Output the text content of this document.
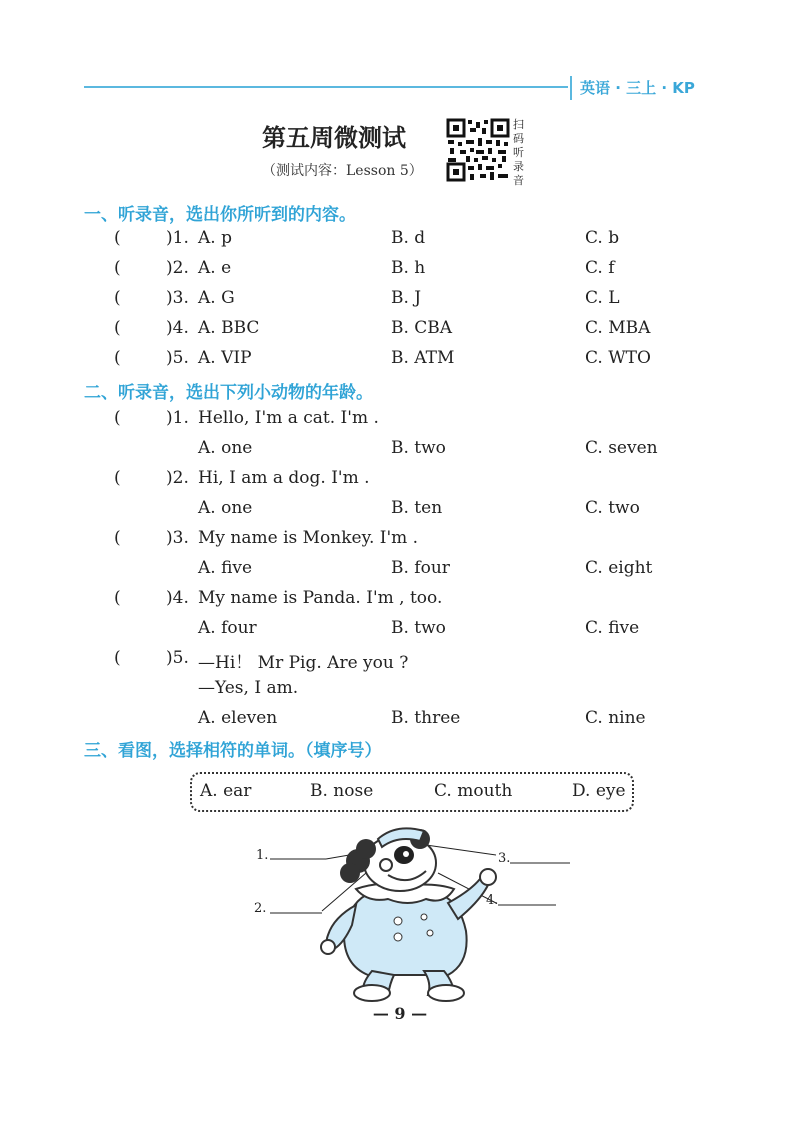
英语 · 三上 · KP
第五周微测试
（测试内容：Lesson 5）
扫
码
听
录
音
一、听录音，选出你所听到的内容。
(	)1. A. p	B. d	C. b
(	)2. A. e	B. h	C. f
(	)3. A. G	B. J	C. L
(	)4. A. BBC	B. CBA	C. MBA
(	)5. A. VIP	B. ATM	C. WTO
二、听录音，选出下列小动物的年龄。
(	)1. Hello, I'm a cat. I'm .
A. one	B. two	C. seven
(	)2. Hi, I am a dog. I'm .
A. one	B. ten	C. two
(	)3. My name is Monkey. I'm .
A. five	B. four	C. eight
(	)4. My name is Panda. I'm , too.
A. four	B. two	C. five
(	)5. —Hi！ Mr Pig. Are you ?
—Yes, I am.
A. eleven	B. three	C. nine
三、看图，选择相符的单词。（填序号）
A. ear	B. nose	C. mouth	D. eye
1.
2.
3.
4.
— 9 —
